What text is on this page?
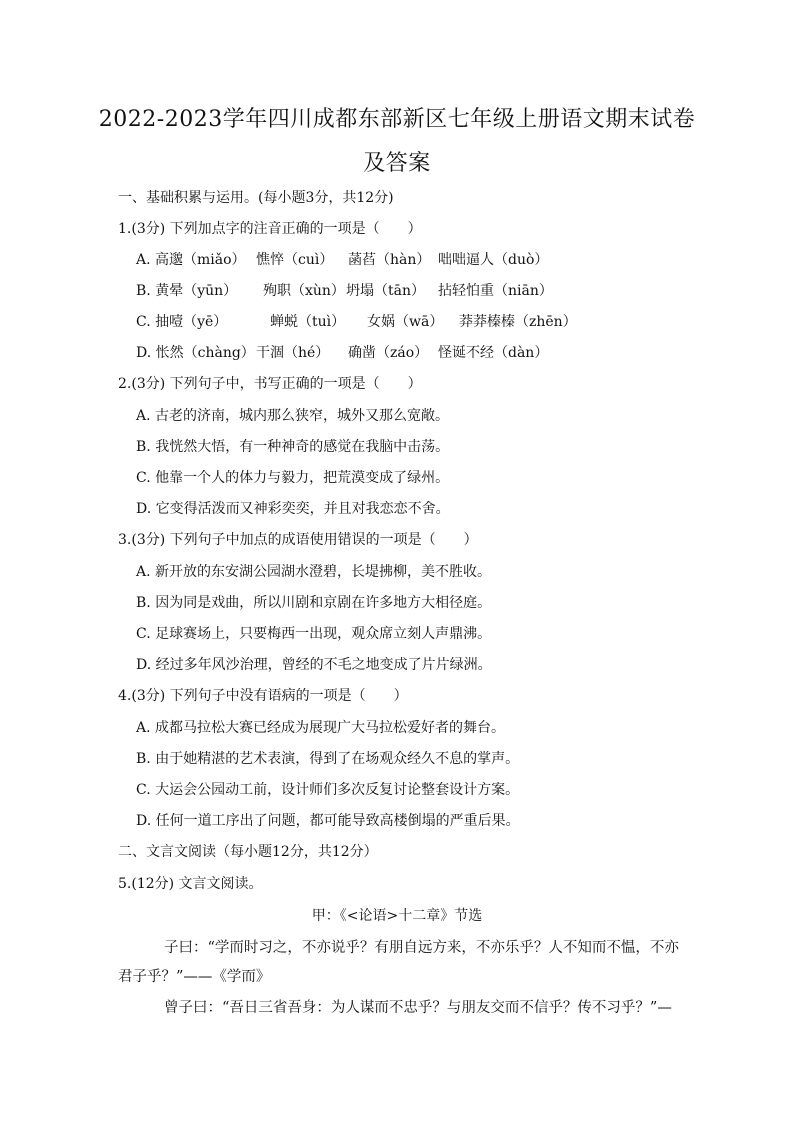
2022-2023学年四川成都东部新区七年级上册语文期末试卷
及答案
一、基础积累与运用。(每小题3分，共12分)
1.(3分) 下列加点字的注音正确的一项是（　　）
A. 高邈（miǎo） 憔悴（cuì） 菡萏（hàn） 咄咄逼人（duò）
B. 黄晕（yūn） 殉职（xùn） 坍塌（tān） 拈轻怕重（niān）
C. 抽噎（yē）	蝉蜕（tuì） 女娲（wā） 莽莽榛榛（zhēn）
D. 怅然（chàng） 干涸（hé） 确凿（záo） 怪诞不经（dàn）
2.(3分) 下列句子中，书写正确的一项是（　　）
A. 古老的济南，城内那么狭窄，城外又那么宽敞。
B. 我恍然大悟，有一种神奇的感觉在我脑中击荡。
C. 他靠一个人的体力与毅力，把荒漠变成了绿州。
D. 它变得活泼而又神彩奕奕，并且对我恋恋不舍。
3.(3分) 下列句子中加点的成语使用错误的一项是（　　）
A. 新开放的东安湖公园湖水澄碧，长堤拂柳，美不胜收。
B. 因为同是戏曲，所以川剧和京剧在许多地方大相径庭。
C. 足球赛场上，只要梅西一出现，观众席立刻人声鼎沸。
D. 经过多年风沙治理，曾经的不毛之地变成了片片绿洲。
4.(3分) 下列句子中没有语病的一项是（　　）
A. 成都马拉松大赛已经成为展现广大马拉松爱好者的舞台。
B. 由于她精湛的艺术表演，得到了在场观众经久不息的掌声。
C. 大运会公园动工前，设计师们多次反复讨论整套设计方案。
D. 任何一道工序出了问题，都可能导致高楼倒塌的严重后果。
二、文言文阅读（每小题12分，共12分）
5.(12分) 文言文阅读。
甲：《<论语>十二章》节选
子曰：“学而时习之，不亦说乎？有朋自远方来，不亦乐乎？人不知而不愠，不亦
君子乎？”——《学而》
曾子曰：“吾日三省吾身：为人谋而不忠乎？与朋友交而不信乎？传不习乎？”—
